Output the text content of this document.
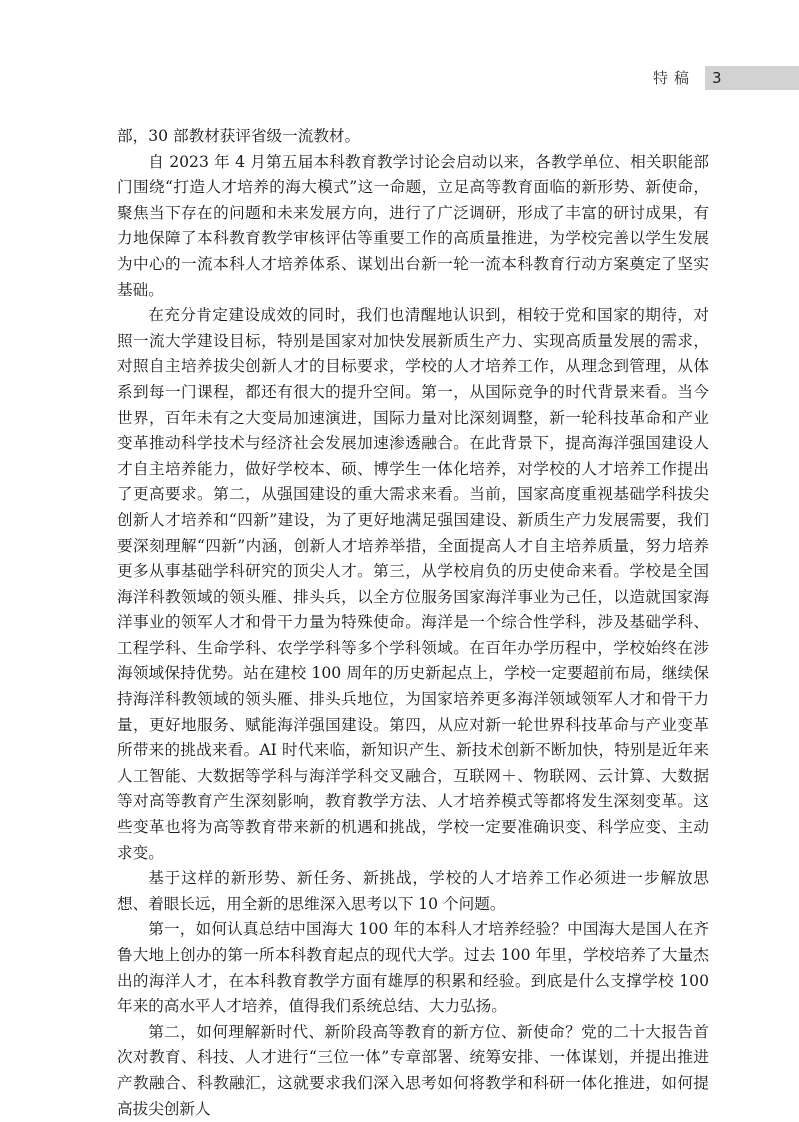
特稿 3

部，30 部教材获评省级一流教材。

自 2023 年 4 月第五届本科教育教学讨论会启动以来，各教学单位、相关职能部门围绕“打造人才培养的海大模式”这一命题，立足高等教育面临的新形势、新使命，聚焦当下存在的问题和未来发展方向，进行了广泛调研，形成了丰富的研讨成果，有力地保障了本科教育教学审核评估等重要工作的高质量推进，为学校完善以学生发展为中心的一流本科人才培养体系、谋划出台新一轮一流本科教育行动方案奠定了坚实基础。

在充分肯定建设成效的同时，我们也清醒地认识到，相较于党和国家的期待，对照一流大学建设目标，特别是国家对加快发展新质生产力、实现高质量发展的需求，对照自主培养拔尖创新人才的目标要求，学校的人才培养工作，从理念到管理，从体系到每一门课程，都还有很大的提升空间。第一，从国际竞争的时代背景来看。当今世界，百年未有之大变局加速演进，国际力量对比深刻调整，新一轮科技革命和产业变革推动科学技术与经济社会发展加速渗透融合。在此背景下，提高海洋强国建设人才自主培养能力，做好学校本、硕、博学生一体化培养，对学校的人才培养工作提出了更高要求。第二，从强国建设的重大需求来看。当前，国家高度重视基础学科拔尖创新人才培养和“四新”建设，为了更好地满足强国建设、新质生产力发展需要，我们要深刻理解“四新”内涵，创新人才培养举措，全面提高人才自主培养质量，努力培养更多从事基础学科研究的顶尖人才。第三，从学校肩负的历史使命来看。学校是全国海洋科教领域的领头雁、排头兵，以全方位服务国家海洋事业为己任，以造就国家海洋事业的领军人才和骨干力量为特殊使命。海洋是一个综合性学科，涉及基础学科、工程学科、生命学科、农学学科等多个学科领域。在百年办学历程中，学校始终在涉海领域保持优势。站在建校 100 周年的历史新起点上，学校一定要超前布局，继续保持海洋科教领域的领头雁、排头兵地位，为国家培养更多海洋领域领军人才和骨干力量，更好地服务、赋能海洋强国建设。第四，从应对新一轮世界科技革命与产业变革所带来的挑战来看。AI 时代来临，新知识产生、新技术创新不断加快，特别是近年来人工智能、大数据等学科与海洋学科交叉融合，互联网＋、物联网、云计算、大数据等对高等教育产生深刻影响，教育教学方法、人才培养模式等都将发生深刻变革。这些变革也将为高等教育带来新的机遇和挑战，学校一定要准确识变、科学应变、主动求变。

基于这样的新形势、新任务、新挑战，学校的人才培养工作必须进一步解放思想、着眼长远，用全新的思维深入思考以下 10 个问题。

第一，如何认真总结中国海大 100 年的本科人才培养经验？中国海大是国人在齐鲁大地上创办的第一所本科教育起点的现代大学。过去 100 年里，学校培养了大量杰出的海洋人才，在本科教育教学方面有雄厚的积累和经验。到底是什么支撑学校 100 年来的高水平人才培养，值得我们系统总结、大力弘扬。

第二，如何理解新时代、新阶段高等教育的新方位、新使命？党的二十大报告首次对教育、科技、人才进行“三位一体”专章部署、统筹安排、一体谋划，并提出推进产教融合、科教融汇，这就要求我们深入思考如何将教学和科研一体化推进，如何提高拔尖创新人
